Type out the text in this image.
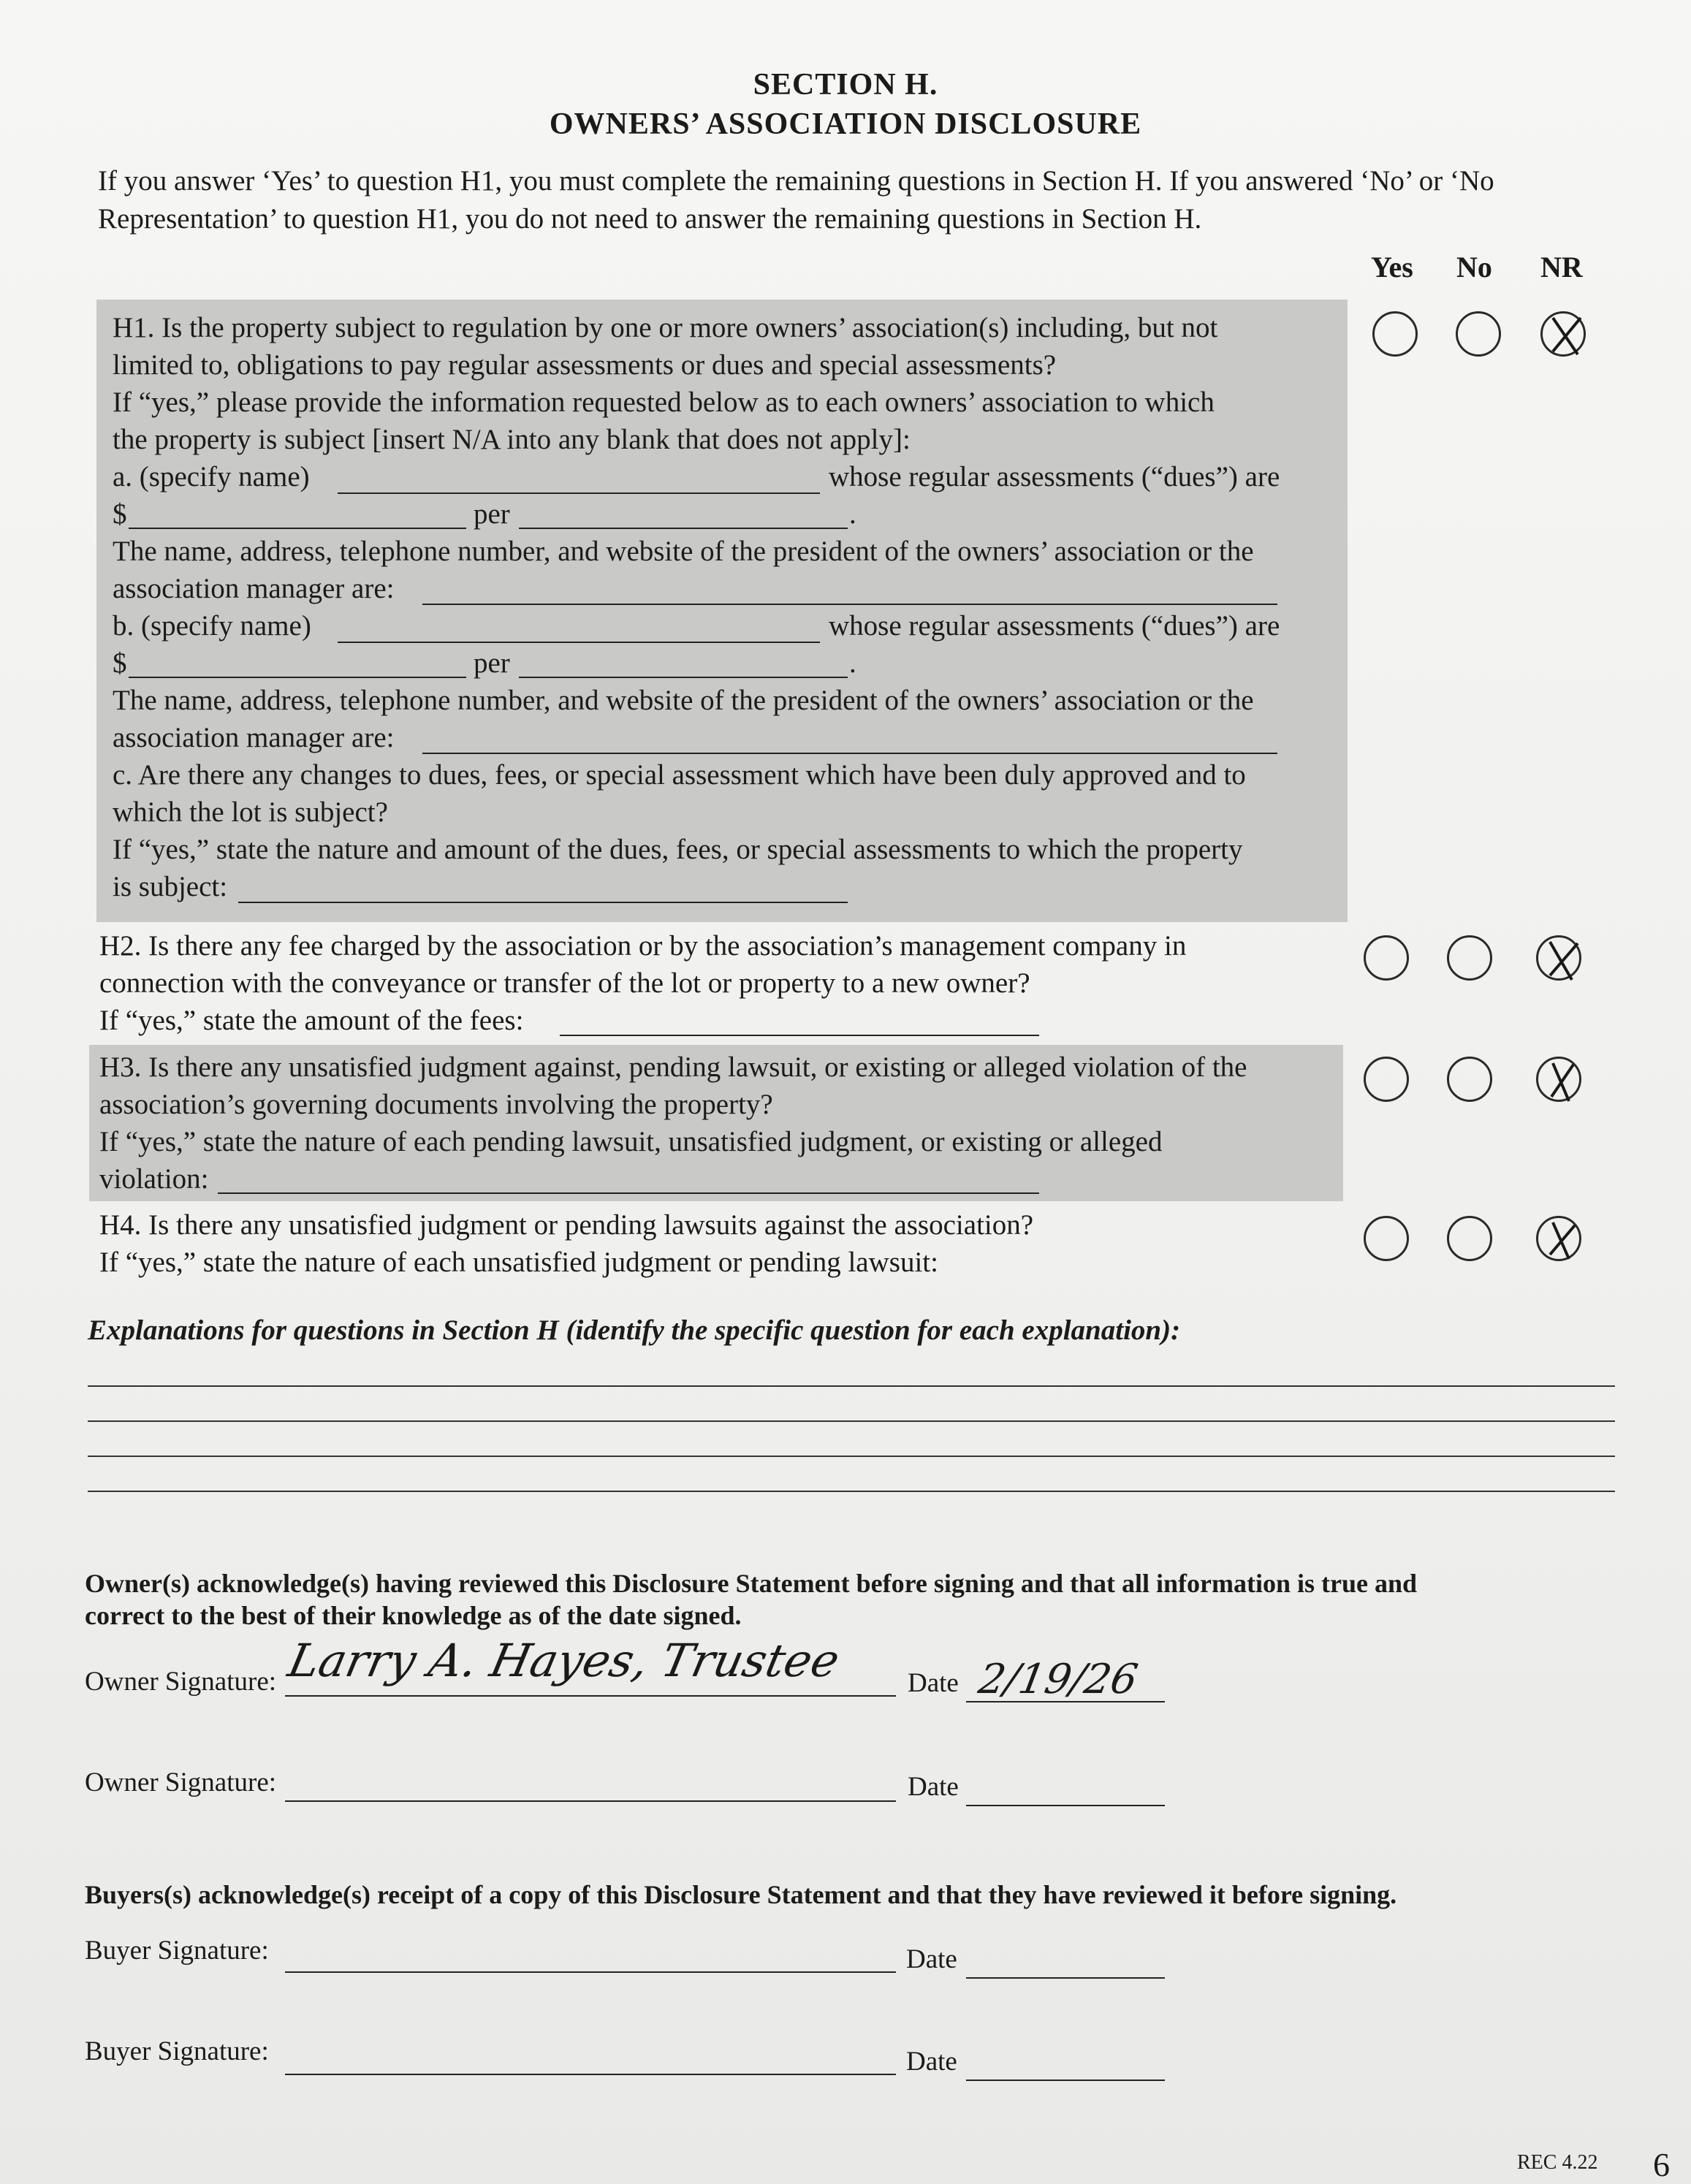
SECTION H.
OWNERS’ ASSOCIATION DISCLOSURE
If you answer ‘Yes’ to question H1, you must complete the remaining questions in Section H. If you answered ‘No’ or ‘No
Representation’ to question H1, you do not need to answer the remaining questions in Section H.
Yes No NR
H1. Is the property subject to regulation by one or more owners’ association(s) including, but not
limited to, obligations to pay regular assessments or dues and special assessments?
If “yes,” please provide the information requested below as to each owners’ association to which
the property is subject [insert N/A into any blank that does not apply]:
a. (specify name)	whose regular assessments (“dues”) are
$	per	.
The name, address, telephone number, and website of the president of the owners’ association or the
association manager are:
b. (specify name)	whose regular assessments (“dues”) are
$	per	.
The name, address, telephone number, and website of the president of the owners’ association or the
association manager are:
c. Are there any changes to dues, fees, or special assessment which have been duly approved and to
which the lot is subject?
If “yes,” state the nature and amount of the dues, fees, or special assessments to which the property
is subject:
H2. Is there any fee charged by the association or by the association’s management company in
connection with the conveyance or transfer of the lot or property to a new owner?
If “yes,” state the amount of the fees:
H3. Is there any unsatisfied judgment against, pending lawsuit, or existing or alleged violation of the
association’s governing documents involving the property?
If “yes,” state the nature of each pending lawsuit, unsatisfied judgment, or existing or alleged
violation:
H4. Is there any unsatisfied judgment or pending lawsuits against the association?
If “yes,” state the nature of each unsatisfied judgment or pending lawsuit:
Explanations for questions in Section H (identify the specific question for each explanation):
Owner(s) acknowledge(s) having reviewed this Disclosure Statement before signing and that all information is true and
correct to the best of their knowledge as of the date signed.
Owner Signature: Larry A. Hayes, Trustee Date 2/19/26
Owner Signature:	Date
Buyers(s) acknowledge(s) receipt of a copy of this Disclosure Statement and that they have reviewed it before signing.
Buyer Signature:	Date
Buyer Signature:	Date
REC 4.22 6
